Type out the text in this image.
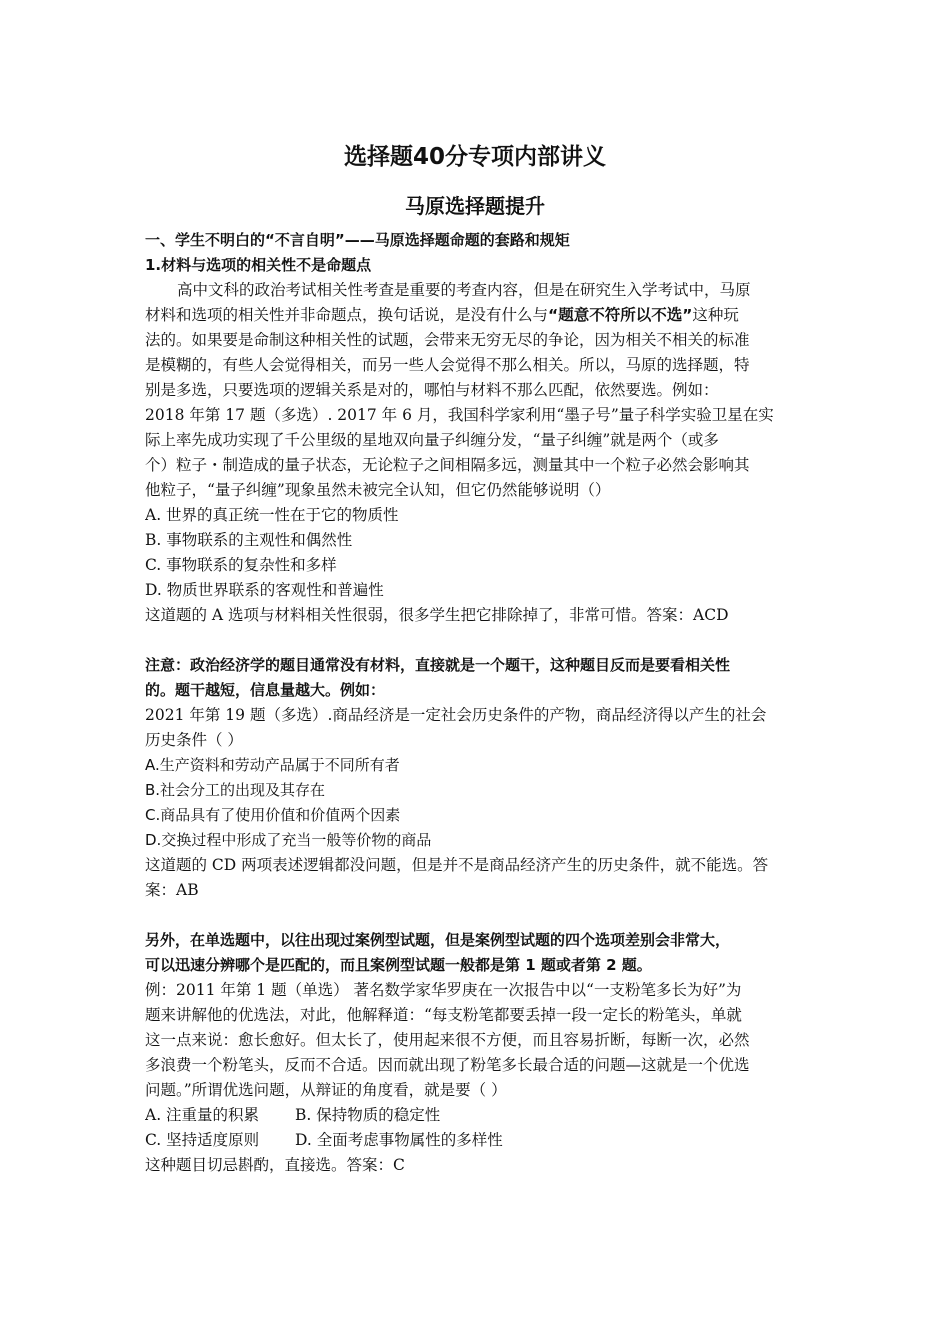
选择题40分专项内部讲义
马原选择题提升
一、学生不明白的“不言自明”——马原选择题命题的套路和规矩
1.材料与选项的相关性不是命题点
高中文科的政治考试相关性考查是重要的考查内容，但是在研究生入学考试中，马原
材料和选项的相关性并非命题点，换句话说，是没有什么与“题意不符所以不选”这种玩
法的。如果要是命制这种相关性的试题，会带来无穷无尽的争论，因为相关不相关的标准
是模糊的，有些人会觉得相关，而另一些人会觉得不那么相关。所以，马原的选择题，特
别是多选，只要选项的逻辑关系是对的，哪怕与材料不那么匹配，依然要选。例如：
2018 年第 17 题（多选）. 2017 年 6 月，我国科学家利用“墨子号”量子科学实验卫星在实
际上率先成功实现了千公里级的星地双向量子纠缠分发，“量子纠缠”就是两个（或多
个）粒子・制造成的量子状态，无论粒子之间相隔多远，测量其中一个粒子必然会影响其
他粒子，“量子纠缠”现象虽然未被完全认知，但它仍然能够说明（）
A. 世界的真正统一性在于它的物质性
B. 事物联系的主观性和偶然性
C. 事物联系的复杂性和多样
D. 物质世界联系的客观性和普遍性
这道题的 A 选项与材料相关性很弱，很多学生把它排除掉了，非常可惜。答案：ACD
注意：政治经济学的题目通常没有材料，直接就是一个题干，这种题目反而是要看相关性
的。题干越短，信息量越大。例如：
2021 年第 19 题（多选）.商品经济是一定社会历史条件的产物，商品经济得以产生的社会
历史条件（ ）
A.生产资料和劳动产品属于不同所有者
B.社会分工的出现及其存在
C.商品具有了使用价值和价值两个因素
D.交换过程中形成了充当一般等价物的商品
这道题的 CD 两项表述逻辑都没问题，但是并不是商品经济产生的历史条件，就不能选。答
案：AB
另外，在单选题中，以往出现过案例型试题，但是案例型试题的四个选项差别会非常大，
可以迅速分辨哪个是匹配的，而且案例型试题一般都是第 1 题或者第 2 题。
例：2011 年第 1 题（单选） 著名数学家华罗庚在一次报告中以“一支粉笔多长为好”为
题来讲解他的优选法，对此，他解释道：“每支粉笔都要丢掉一段一定长的粉笔头，单就
这一点来说：愈长愈好。但太长了，使用起来很不方便，而且容易折断，每断一次，必然
多浪费一个粉笔头，反而不合适。因而就出现了粉笔多长最合适的问题—这就是一个优选
问题。”所谓优选问题，从辩证的角度看，就是要（ ）
A. 注重量的积累 B. 保持物质的稳定性
C. 坚持适度原则 D. 全面考虑事物属性的多样性
这种题目切忌斟酌，直接选。答案：C
